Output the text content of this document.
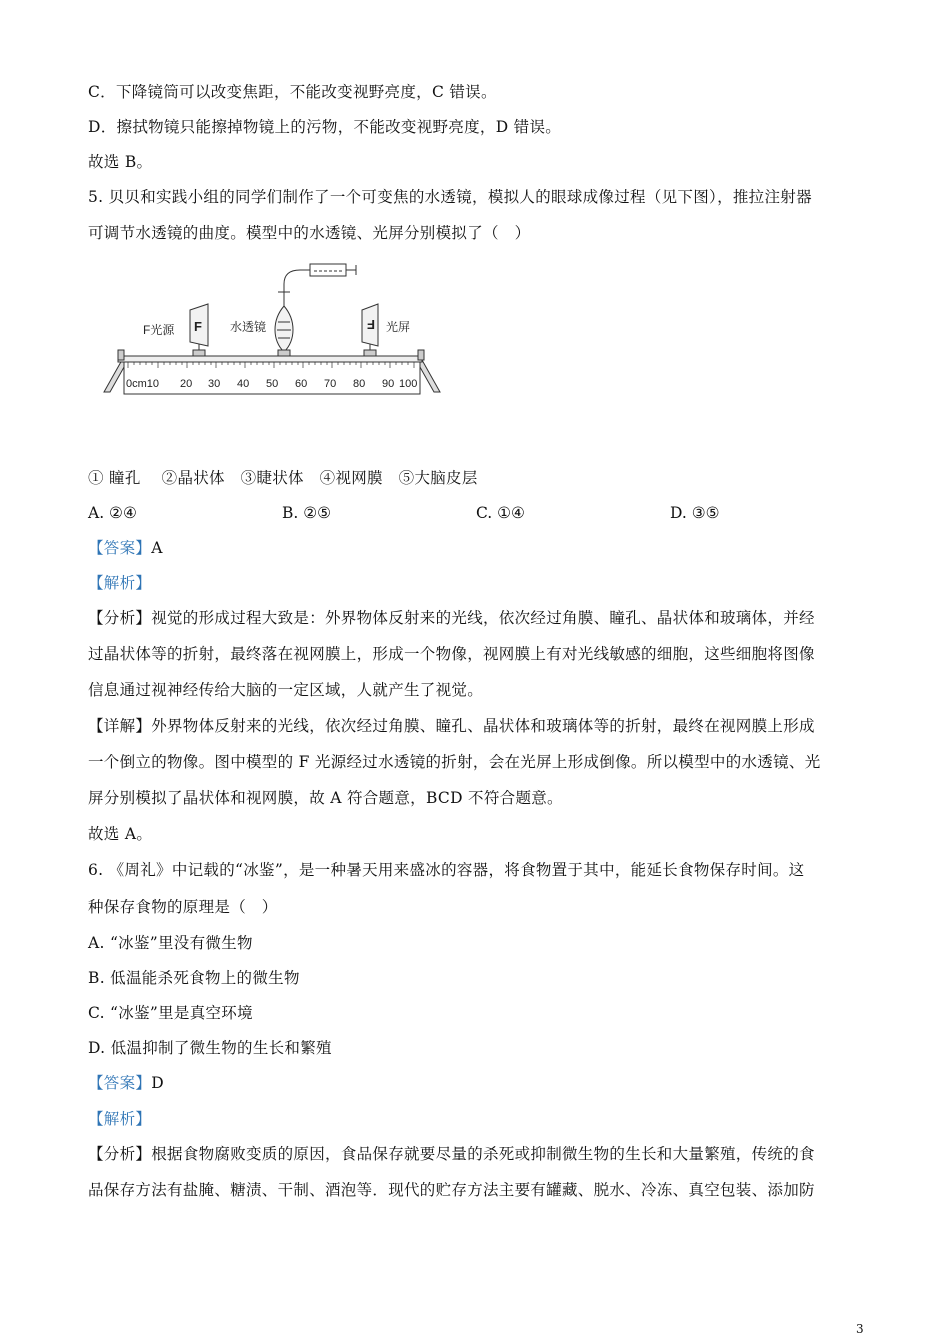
C．下降镜筒可以改变焦距，不能改变视野亮度，C 错误。
D．擦拭物镜只能擦掉物镜上的污物，不能改变视野亮度，D 错误。
故选 B。
5. 贝贝和实践小组的同学们制作了一个可变焦的水透镜，模拟人的眼球成像过程（见下图），推拉注射器
可调节水透镜的曲度。模型中的水透镜、光屏分别模拟了（　）
0cm10 20 30 40 50 60 70 80 90 100
F
F光源	水透镜	F 光屏
① 瞳孔　 ②晶状体　③睫状体　④视网膜　⑤大脑皮层
A. ②④	B. ②⑤	C. ①④	D. ③⑤
【答案】A
【解析】
【分析】视觉的形成过程大致是：外界物体反射来的光线，依次经过角膜、瞳孔、晶状体和玻璃体，并经
过晶状体等的折射，最终落在视网膜上，形成一个物像，视网膜上有对光线敏感的细胞，这些细胞将图像
信息通过视神经传给大脑的一定区域，人就产生了视觉。
【详解】外界物体反射来的光线，依次经过角膜、瞳孔、晶状体和玻璃体等的折射，最终在视网膜上形成
一个倒立的物像。图中模型的 F 光源经过水透镜的折射，会在光屏上形成倒像。所以模型中的水透镜、光
屏分别模拟了晶状体和视网膜，故 A 符合题意，BCD 不符合题意。
故选 A。
6. 《周礼》中记载的“冰鉴”，是一种暑天用来盛冰的容器，将食物置于其中，能延长食物保存时间。这
种保存食物的原理是（　）
A. “冰鉴”里没有微生物
B. 低温能杀死食物上的微生物
C. “冰鉴”里是真空环境
D. 低温抑制了微生物的生长和繁殖
【答案】D
【解析】
【分析】根据食物腐败变质的原因，食品保存就要尽量的杀死或抑制微生物的生长和大量繁殖，传统的食
品保存方法有盐腌、糖渍、干制、酒泡等．现代的贮存方法主要有罐藏、脱水、冷冻、真空包装、添加防
3
